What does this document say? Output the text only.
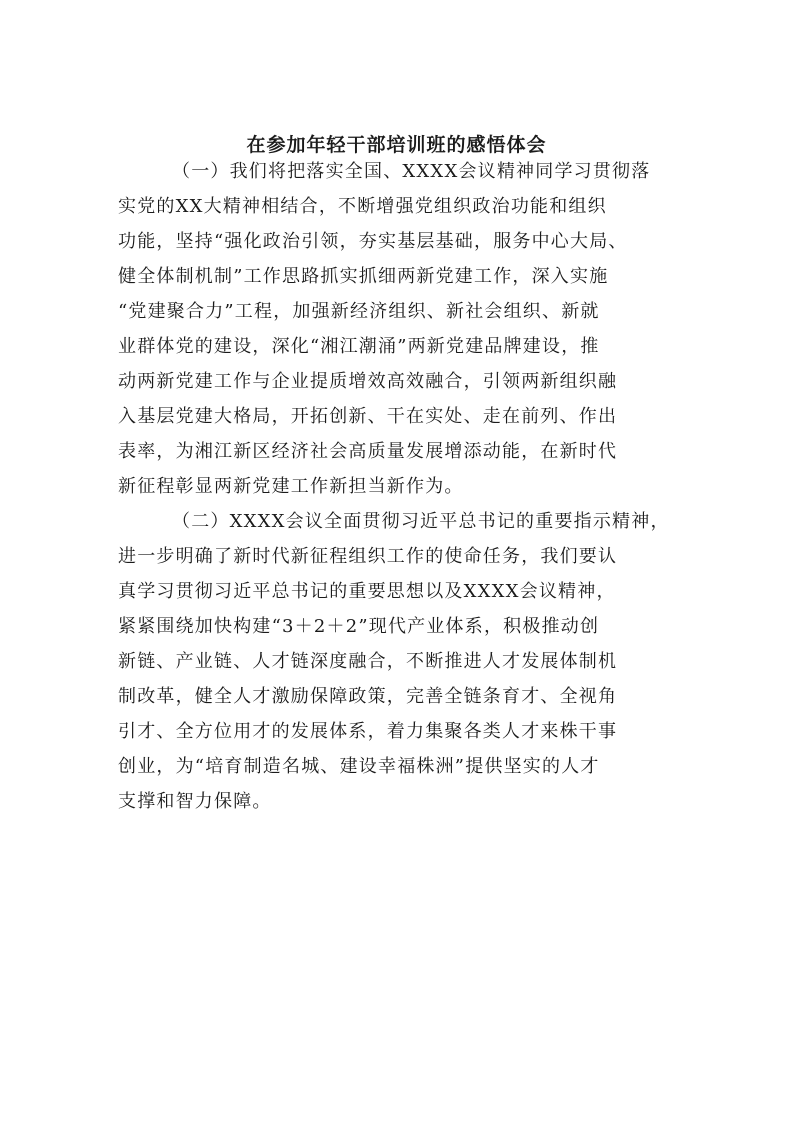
在参加年轻干部培训班的感悟体会
（一）我们将把落实全国、XXXX会议精神同学习贯彻落
实党的XX大精神相结合，不断增强党组织政治功能和组织
功能，坚持“强化政治引领，夯实基层基础，服务中心大局、
健全体制机制”工作思路抓实抓细两新党建工作，深入实施
“党建聚合力”工程，加强新经济组织、新社会组织、新就
业群体党的建设，深化“湘江潮涌”两新党建品牌建设，推
动两新党建工作与企业提质增效高效融合，引领两新组织融
入基层党建大格局，开拓创新、干在实处、走在前列、作出
表率，为湘江新区经济社会高质量发展增添动能，在新时代
新征程彰显两新党建工作新担当新作为。
（二）XXXX会议全面贯彻习近平总书记的重要指示精神，
进一步明确了新时代新征程组织工作的使命任务，我们要认
真学习贯彻习近平总书记的重要思想以及XXXX会议精神，
紧紧围绕加快构建“3＋2＋2”现代产业体系，积极推动创
新链、产业链、人才链深度融合，不断推进人才发展体制机
制改革，健全人才激励保障政策，完善全链条育才、全视角
引才、全方位用才的发展体系，着力集聚各类人才来株干事
创业，为“培育制造名城、建设幸福株洲”提供坚实的人才
支撑和智力保障。
